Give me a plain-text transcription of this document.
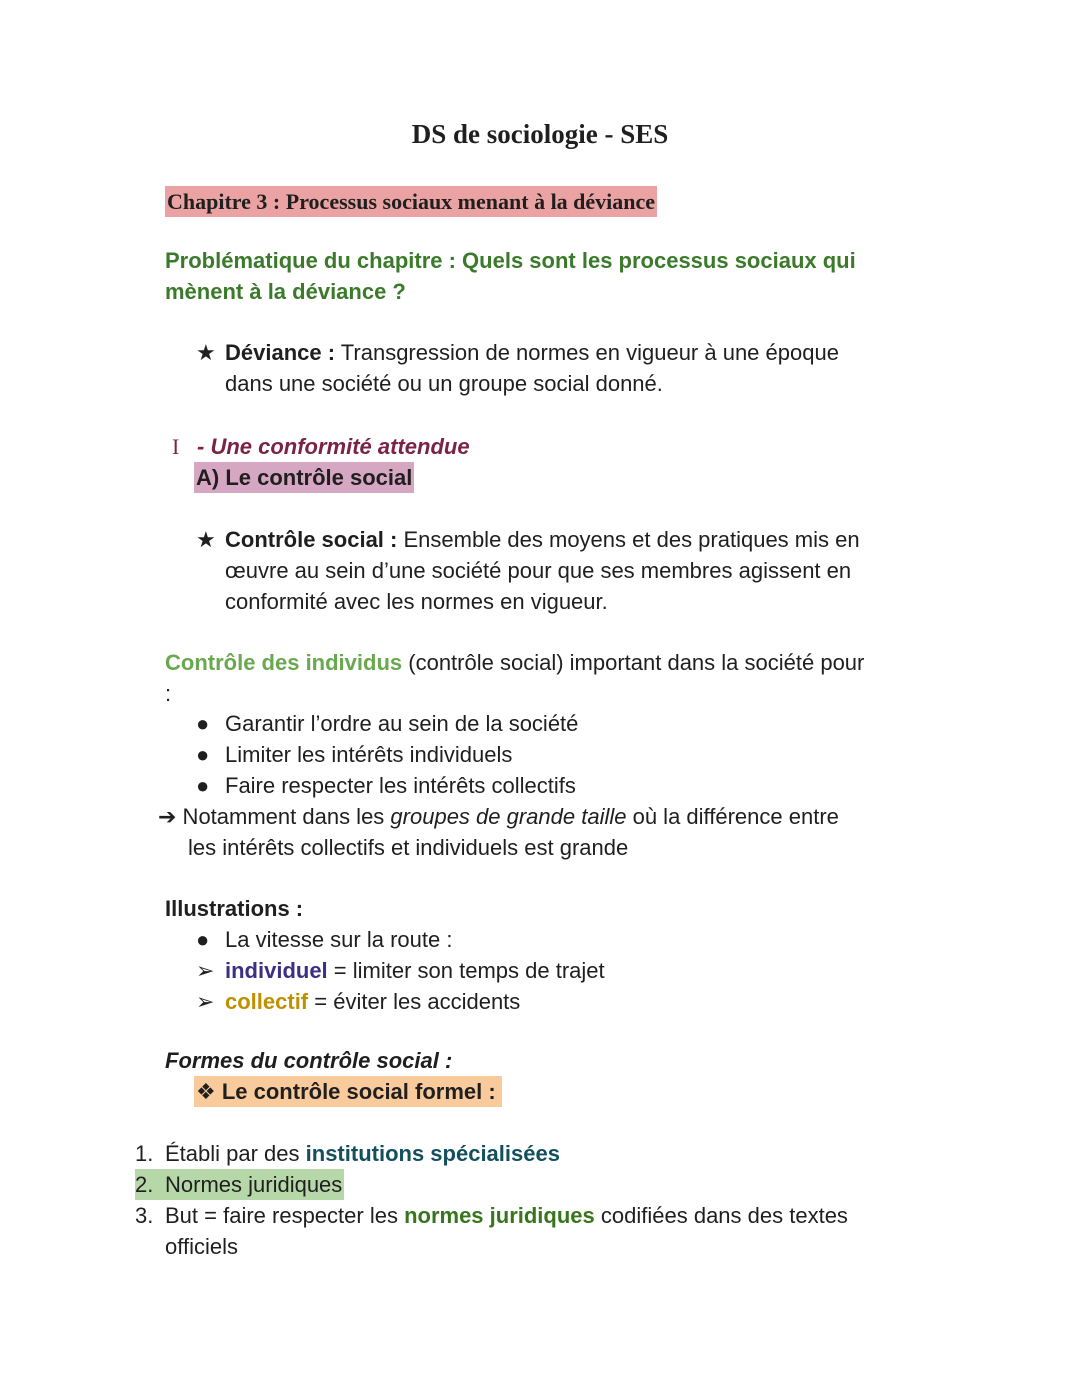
DS de sociologie - SES
Chapitre 3 : Processus sociaux menant à la déviance
Problématique du chapitre : Quels sont les processus sociaux qui
mènent à la déviance ?
★ Déviance : Transgression de normes en vigueur à une époque
dans une société ou un groupe social donné.
I - Une conformité attendue
A) Le contrôle social
★ Contrôle social : Ensemble des moyens et des pratiques mis en
œuvre au sein d’une société pour que ses membres agissent en
conformité avec les normes en vigueur.
Contrôle des individus (contrôle social) important dans la société pour
:
● Garantir l’ordre au sein de la société
● Limiter les intérêts individuels
● Faire respecter les intérêts collectifs
➔ Notamment dans les groupes de grande taille où la différence entre
les intérêts collectifs et individuels est grande
Illustrations :
● La vitesse sur la route :
➢ individuel = limiter son temps de trajet
➢ collectif = éviter les accidents
Formes du contrôle social :
❖ Le contrôle social formel :
1. Établi par des institutions spécialisées
2. Normes juridiques
3. But = faire respecter les normes juridiques codifiées dans des textes
officiels
